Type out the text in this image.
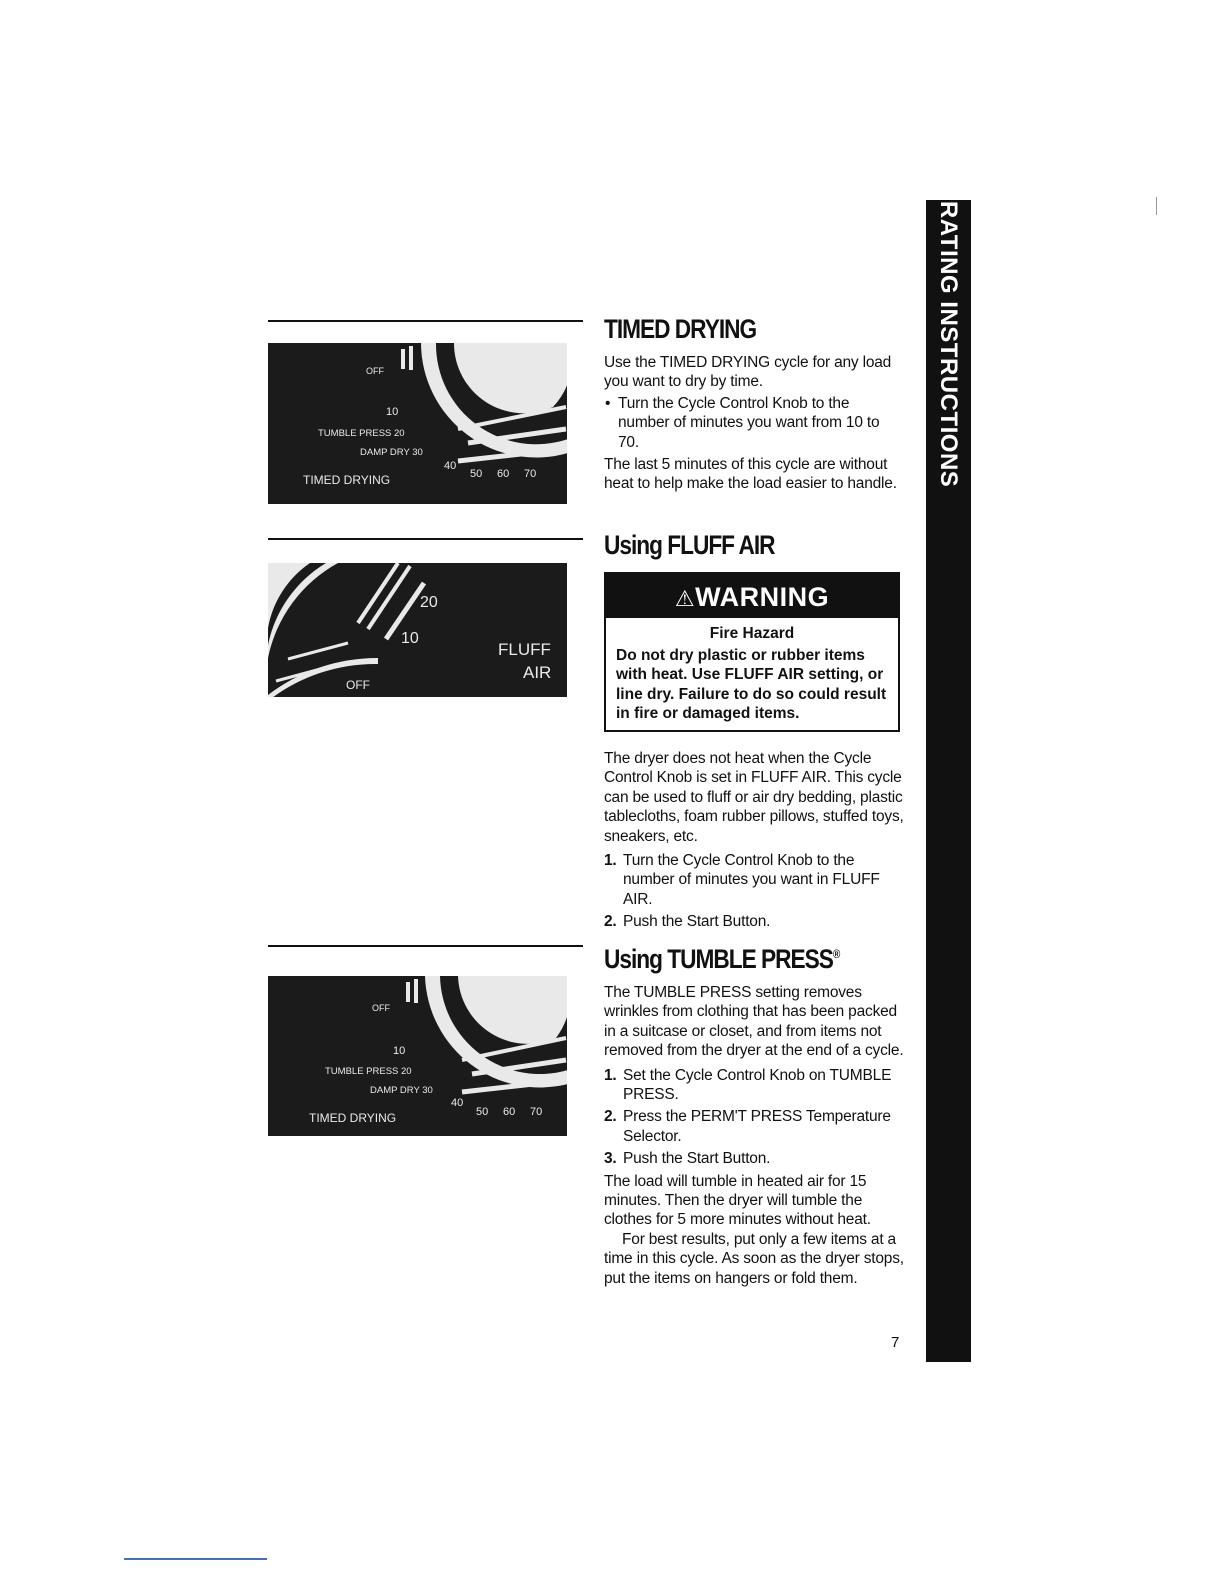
OPERATING INSTRUCTIONS
OFF
10
TUMBLE PRESS 20
DAMP DRY 30
40
50 60 70
TIMED DRYING
20
10
OFF
FLUFF
AIR
OFF
10
TUMBLE PRESS 20
DAMP DRY 30
40
50 60 70
TIMED DRYING
TIMED DRYING

Use the TIMED DRYING cycle for any load you want to dry by time.

• Turn the Cycle Control Knob to the number of minutes you want from 10 to 70.

The last 5 minutes of this cycle are without heat to help make the load easier to handle.

Using FLUFF AIR
⚠WARNING
Fire Hazard
Do not dry plastic or rubber items with heat. Use FLUFF AIR setting, or line dry. Failure to do so could result in fire or damaged items.

The dryer does not heat when the Cycle Control Knob is set in FLUFF AIR. This cycle can be used to fluff or air dry bedding, plastic tablecloths, foam rubber pillows, stuffed toys, sneakers, etc.

1. Turn the Cycle Control Knob to the number of minutes you want in FLUFF AIR.
2. Push the Start Button.
Using TUMBLE PRESS®

The TUMBLE PRESS setting removes wrinkles from clothing that has been packed in a suitcase or closet, and from items not removed from the dryer at the end of a cycle.

1. Set the Cycle Control Knob on TUMBLE PRESS.
2. Press the PERM'T PRESS Temperature Selector.
3. Push the Start Button.

The load will tumble in heated air for 15 minutes. Then the dryer will tumble the clothes for 5 more minutes without heat.

For best results, put only a few items at a time in this cycle. As soon as the dryer stops, put the items on hangers or fold them.

7
